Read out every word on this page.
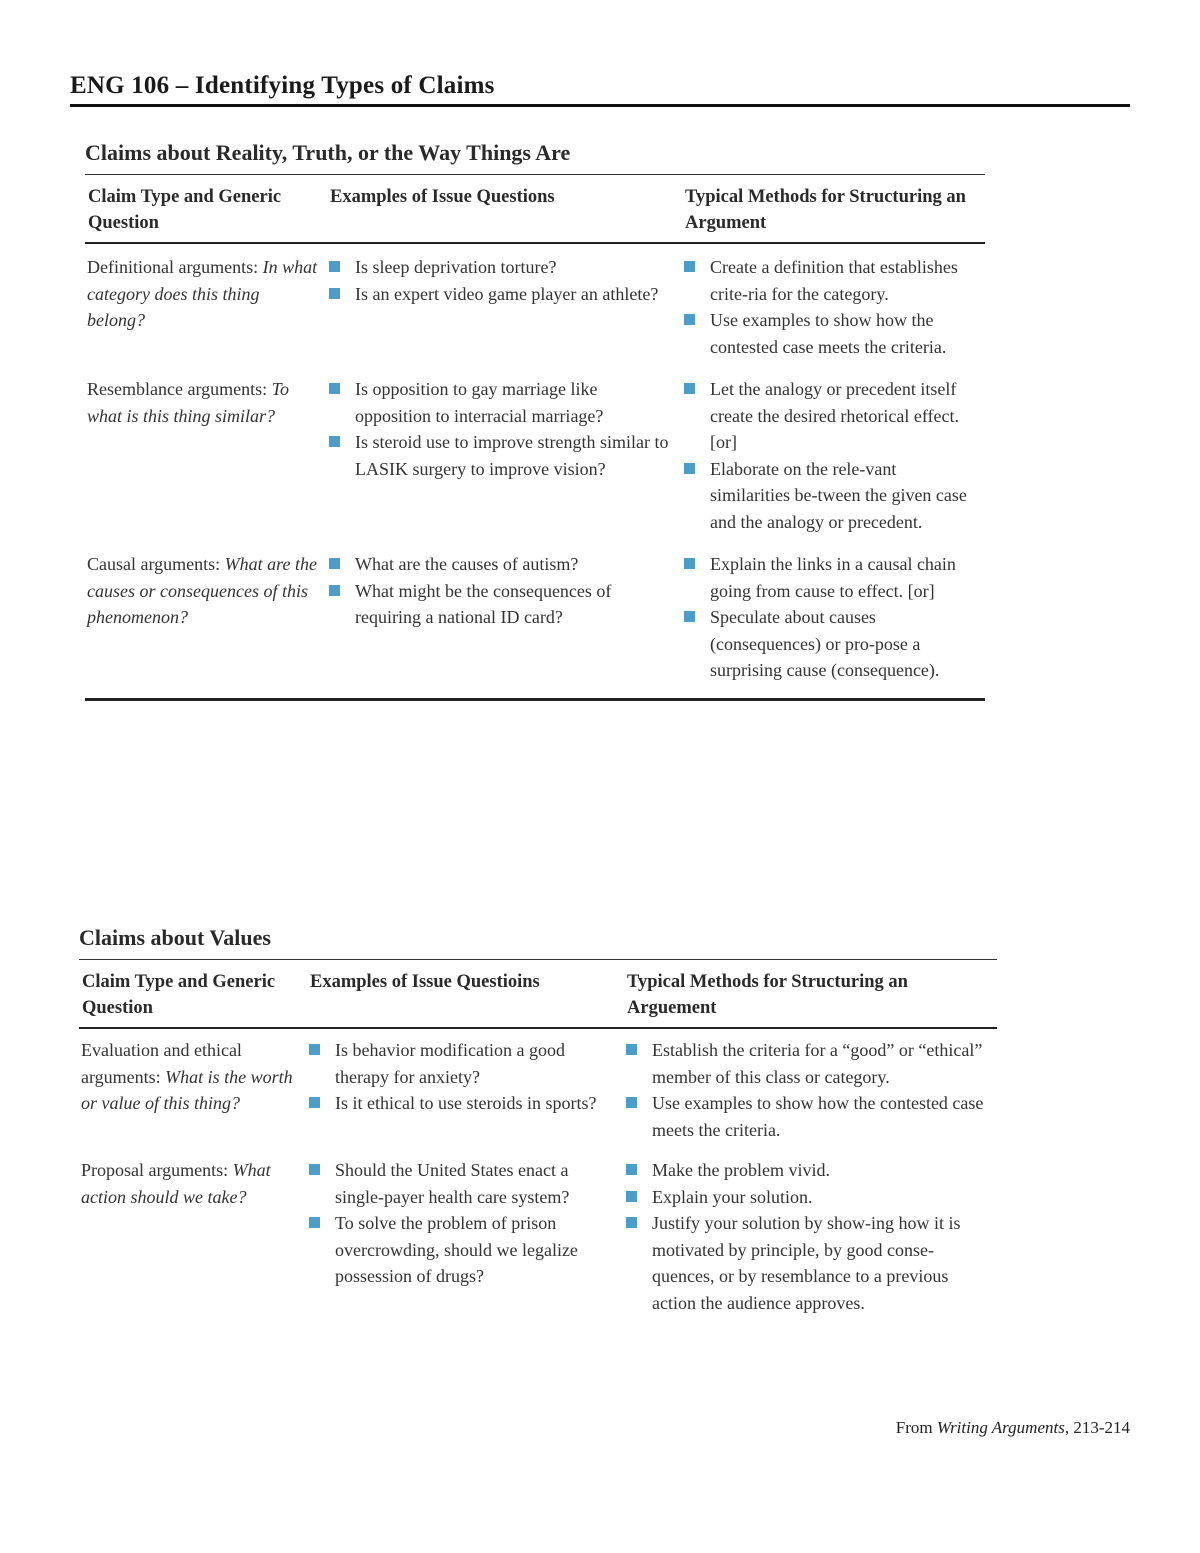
ENG 106 – Identifying Types of Claims
Claims about Reality, Truth, or the Way Things Are
Claim Type and Generic Question
Examples of Issue Questions	Typical Methods for Structuring an Argument
Definitional arguments: In what category does this thing belong?
Is sleep deprivation torture?
Is an expert video game player an athlete?
Create a definition that establishes crite-ria for the category.
Use examples to show how the contested case meets the criteria.
Resemblance arguments: To what is this thing similar?
Is opposition to gay marriage like opposition to interracial marriage?
Is steroid use to improve strength similar to LASIK surgery to improve vision?
Let the analogy or precedent itself create the desired rhetorical effect. [or]
Elaborate on the rele-vant similarities be-tween the given case and the analogy or precedent.
Causal arguments: What are the causes or consequences of this phenomenon?
What are the causes of autism?
What might be the consequences of requiring a national ID card?
Explain the links in a causal chain going from cause to effect. [or]
Speculate about causes (consequences) or pro-pose a surprising cause (consequence).
Claims about Values
Claim Type and Generic Question
Examples of Issue Questioins	Typical Methods for Structuring an Arguement
Evaluation and ethical arguments: What is the worth or value of this thing?
Is behavior modification a good therapy for anxiety?
Is it ethical to use steroids in sports?
Establish the criteria for a “good” or “ethical” member of this class or category.
Use examples to show how the contested case meets the criteria.
Proposal arguments: What action should we take?
Should the United States enact a single-payer health care system?
To solve the problem of prison overcrowding, should we legalize possession of drugs?
Make the problem vivid.
Explain your solution.
Justify your solution by show-ing how it is motivated by principle, by good conse-quences, or by resemblance to a previous action the audience approves.
From Writing Arguments, 213-214
